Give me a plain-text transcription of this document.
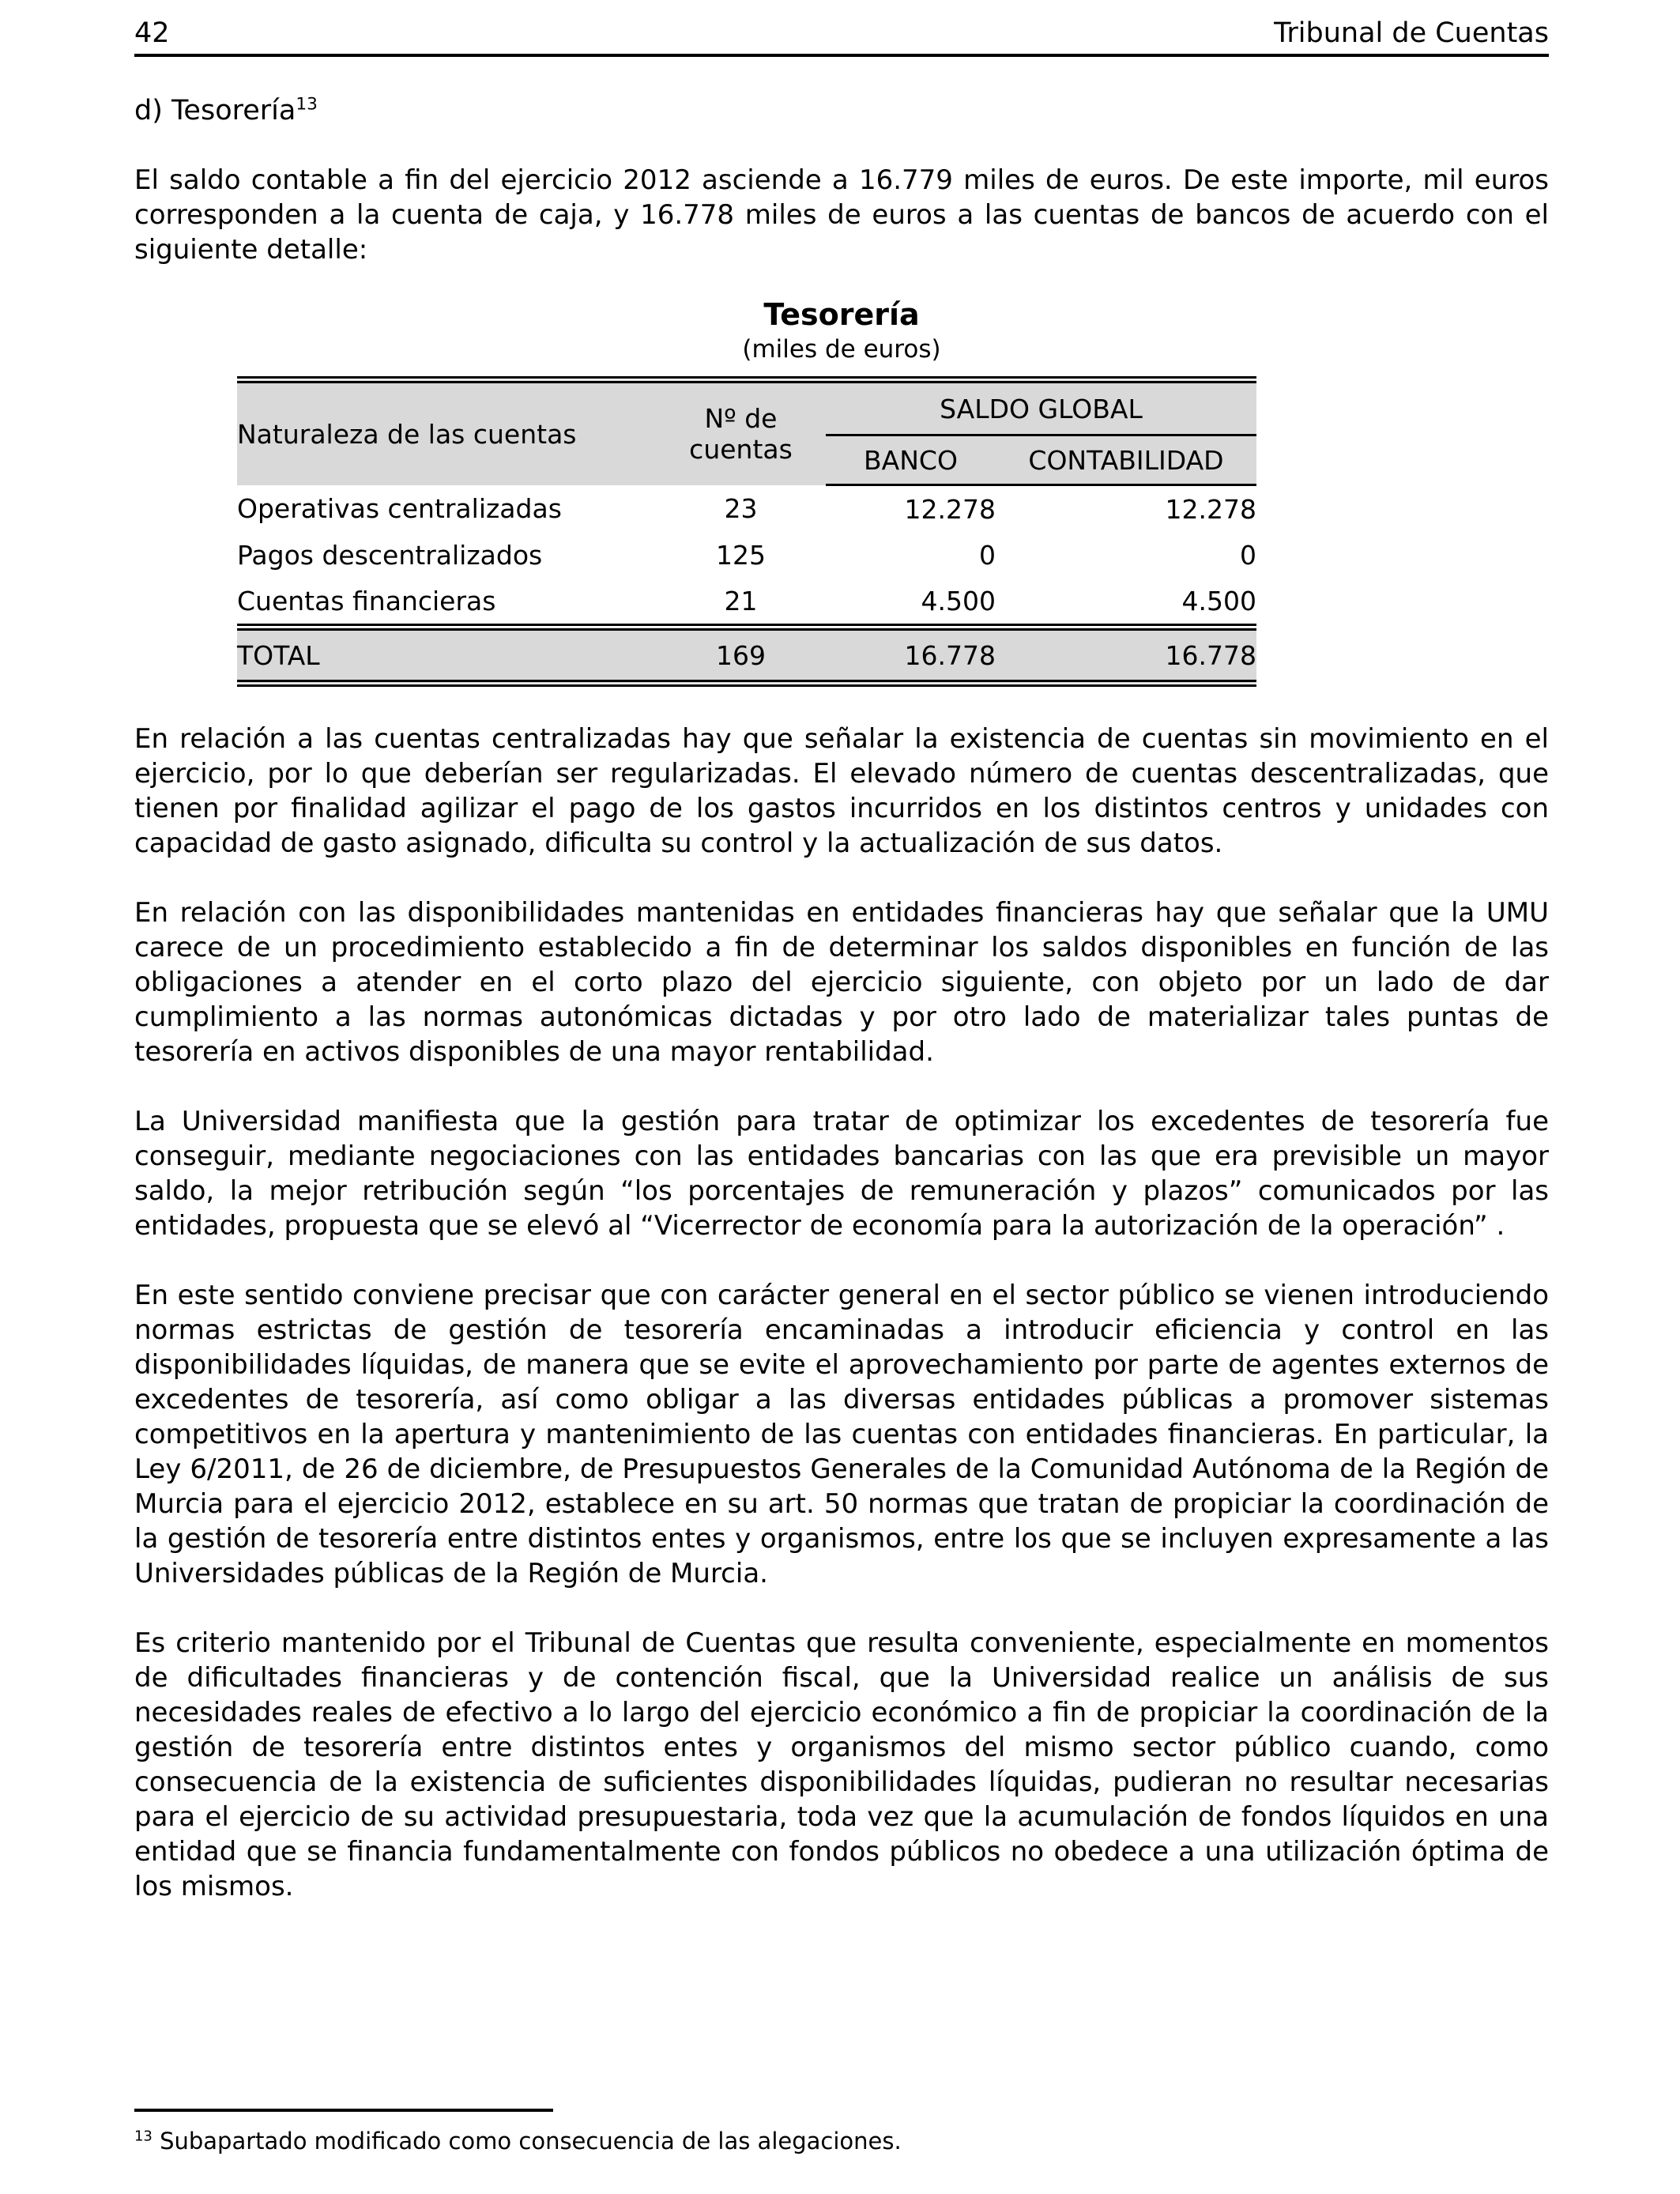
42	Tribunal de Cuentas
d) Tesorería$^{13}$

El saldo contable a fin del ejercicio 2012 asciende a 16.779 miles de euros. De este importe, mil euros corresponden a la cuenta de caja, y 16.778 miles de euros a las cuentas de bancos de acuerdo con el siguiente detalle:

Tesorería
(miles de euros)
Naturaleza de las cuentas	Nº de cuentas	SALDO GLOBAL	
		BANCO	CONTABILIDAD
Operativas centralizadas	23	12.278	12.278
Pagos descentralizados	125	0	0
Cuentas financieras	21	4.500	4.500
TOTAL	169	16.778	16.778

En relación a las cuentas centralizadas hay que señalar la existencia de cuentas sin movimiento en el ejercicio, por lo que deberían ser regularizadas. El elevado número de cuentas descentralizadas, que tienen por finalidad agilizar el pago de los gastos incurridos en los distintos centros y unidades con capacidad de gasto asignado, dificulta su control y la actualización de sus datos.

En relación con las disponibilidades mantenidas en entidades financieras hay que señalar que la UMU carece de un procedimiento establecido a fin de determinar los saldos disponibles en función de las obligaciones a atender en el corto plazo del ejercicio siguiente, con objeto por un lado de dar cumplimiento a las normas autonómicas dictadas y por otro lado de materializar tales puntas de tesorería en activos disponibles de una mayor rentabilidad.

La Universidad manifiesta que la gestión para tratar de optimizar los excedentes de tesorería fue conseguir, mediante negociaciones con las entidades bancarias con las que era previsible un mayor saldo, la mejor retribución según “los porcentajes de remuneración y plazos” comunicados por las entidades, propuesta que se elevó al “Vicerrector de economía para la autorización de la operación” .

En este sentido conviene precisar que con carácter general en el sector público se vienen introduciendo normas estrictas de gestión de tesorería encaminadas a introducir eficiencia y control en las disponibilidades líquidas, de manera que se evite el aprovechamiento por parte de agentes externos de excedentes de tesorería, así como obligar a las diversas entidades públicas a promover sistemas competitivos en la apertura y mantenimiento de las cuentas con entidades financieras. En particular, la Ley 6/2011, de 26 de diciembre, de Presupuestos Generales de la Comunidad Autónoma de la Región de Murcia para el ejercicio 2012, establece en su art. 50 normas que tratan de propiciar la coordinación de la gestión de tesorería entre distintos entes y organismos, entre los que se incluyen expresamente a las Universidades públicas de la Región de Murcia.

Es criterio mantenido por el Tribunal de Cuentas que resulta conveniente, especialmente en momentos de dificultades financieras y de contención fiscal, que la Universidad realice un análisis de sus necesidades reales de efectivo a lo largo del ejercicio económico a fin de propiciar la coordinación de la gestión de tesorería entre distintos entes y organismos del mismo sector público cuando, como consecuencia de la existencia de suficientes disponibilidades líquidas, pudieran no resultar necesarias para el ejercicio de su actividad presupuestaria, toda vez que la acumulación de fondos líquidos en una entidad que se financia fundamentalmente con fondos públicos no obedece a una utilización óptima de los mismos.

$^{13}$ Subapartado modificado como consecuencia de las alegaciones.
